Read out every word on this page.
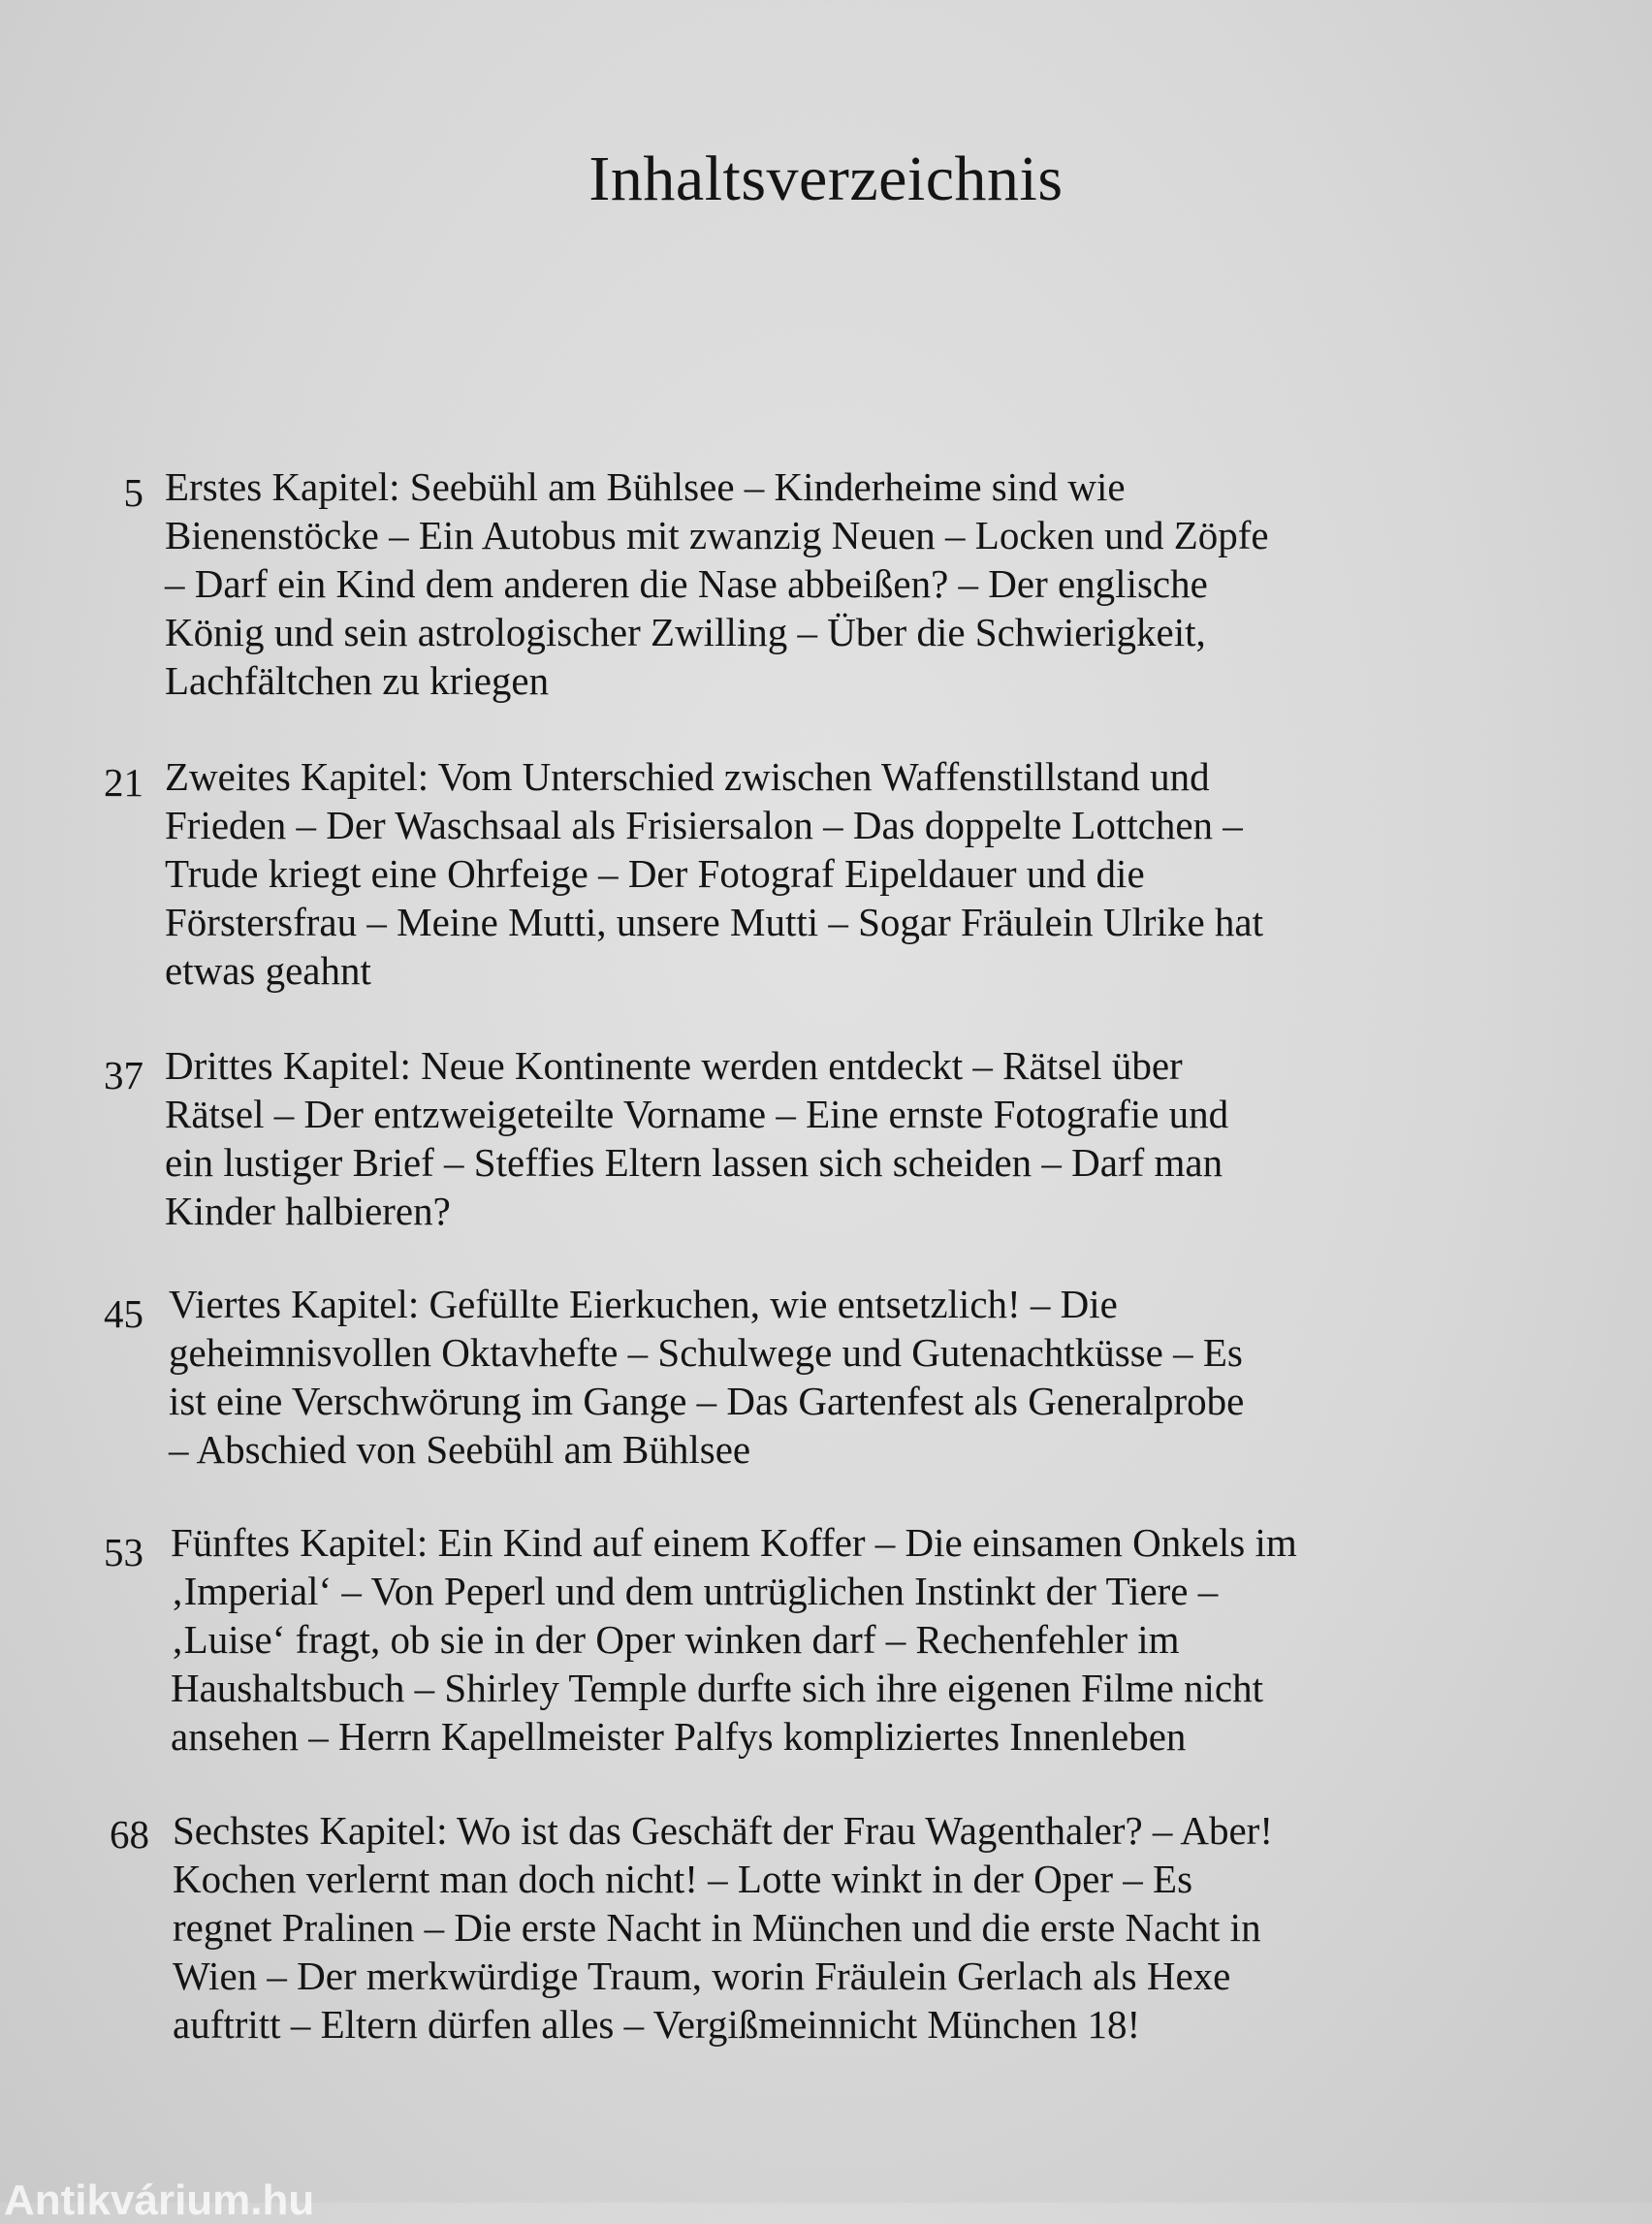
Inhaltsverzeichnis
5 Erstes Kapitel: Seebühl am Bühlsee – Kinderheime sind wie
Bienenstöcke – Ein Autobus mit zwanzig Neuen – Locken und Zöpfe
– Darf ein Kind dem anderen die Nase abbeißen? – Der englische
König und sein astrologischer Zwilling – Über die Schwierigkeit,
Lachfältchen zu kriegen
21 Zweites Kapitel: Vom Unterschied zwischen Waffenstillstand und
Frieden – Der Waschsaal als Frisiersalon – Das doppelte Lottchen –
Trude kriegt eine Ohrfeige – Der Fotograf Eipeldauer und die
Förstersfrau – Meine Mutti, unsere Mutti – Sogar Fräulein Ulrike hat
etwas geahnt
37 Drittes Kapitel: Neue Kontinente werden entdeckt – Rätsel über
Rätsel – Der entzweigeteilte Vorname – Eine ernste Fotografie und
ein lustiger Brief – Steffies Eltern lassen sich scheiden – Darf man
Kinder halbieren?
45 Viertes Kapitel: Gefüllte Eierkuchen, wie entsetzlich! – Die
geheimnisvollen Oktavhefte – Schulwege und Gutenachtküsse – Es
ist eine Verschwörung im Gange – Das Gartenfest als Generalprobe
– Abschied von Seebühl am Bühlsee
53 Fünftes Kapitel: Ein Kind auf einem Koffer – Die einsamen Onkels im
‚Imperial‘ – Von Peperl und dem untrüglichen Instinkt der Tiere –
‚Luise‘ fragt, ob sie in der Oper winken darf – Rechenfehler im
Haushaltsbuch – Shirley Temple durfte sich ihre eigenen Filme nicht
ansehen – Herrn Kapellmeister Palfys kompliziertes Innenleben
68 Sechstes Kapitel: Wo ist das Geschäft der Frau Wagenthaler? – Aber!
Kochen verlernt man doch nicht! – Lotte winkt in der Oper – Es
regnet Pralinen – Die erste Nacht in München und die erste Nacht in
Wien – Der merkwürdige Traum, worin Fräulein Gerlach als Hexe
auftritt – Eltern dürfen alles – Vergißmeinnicht München 18!
Antikvárium.hu
